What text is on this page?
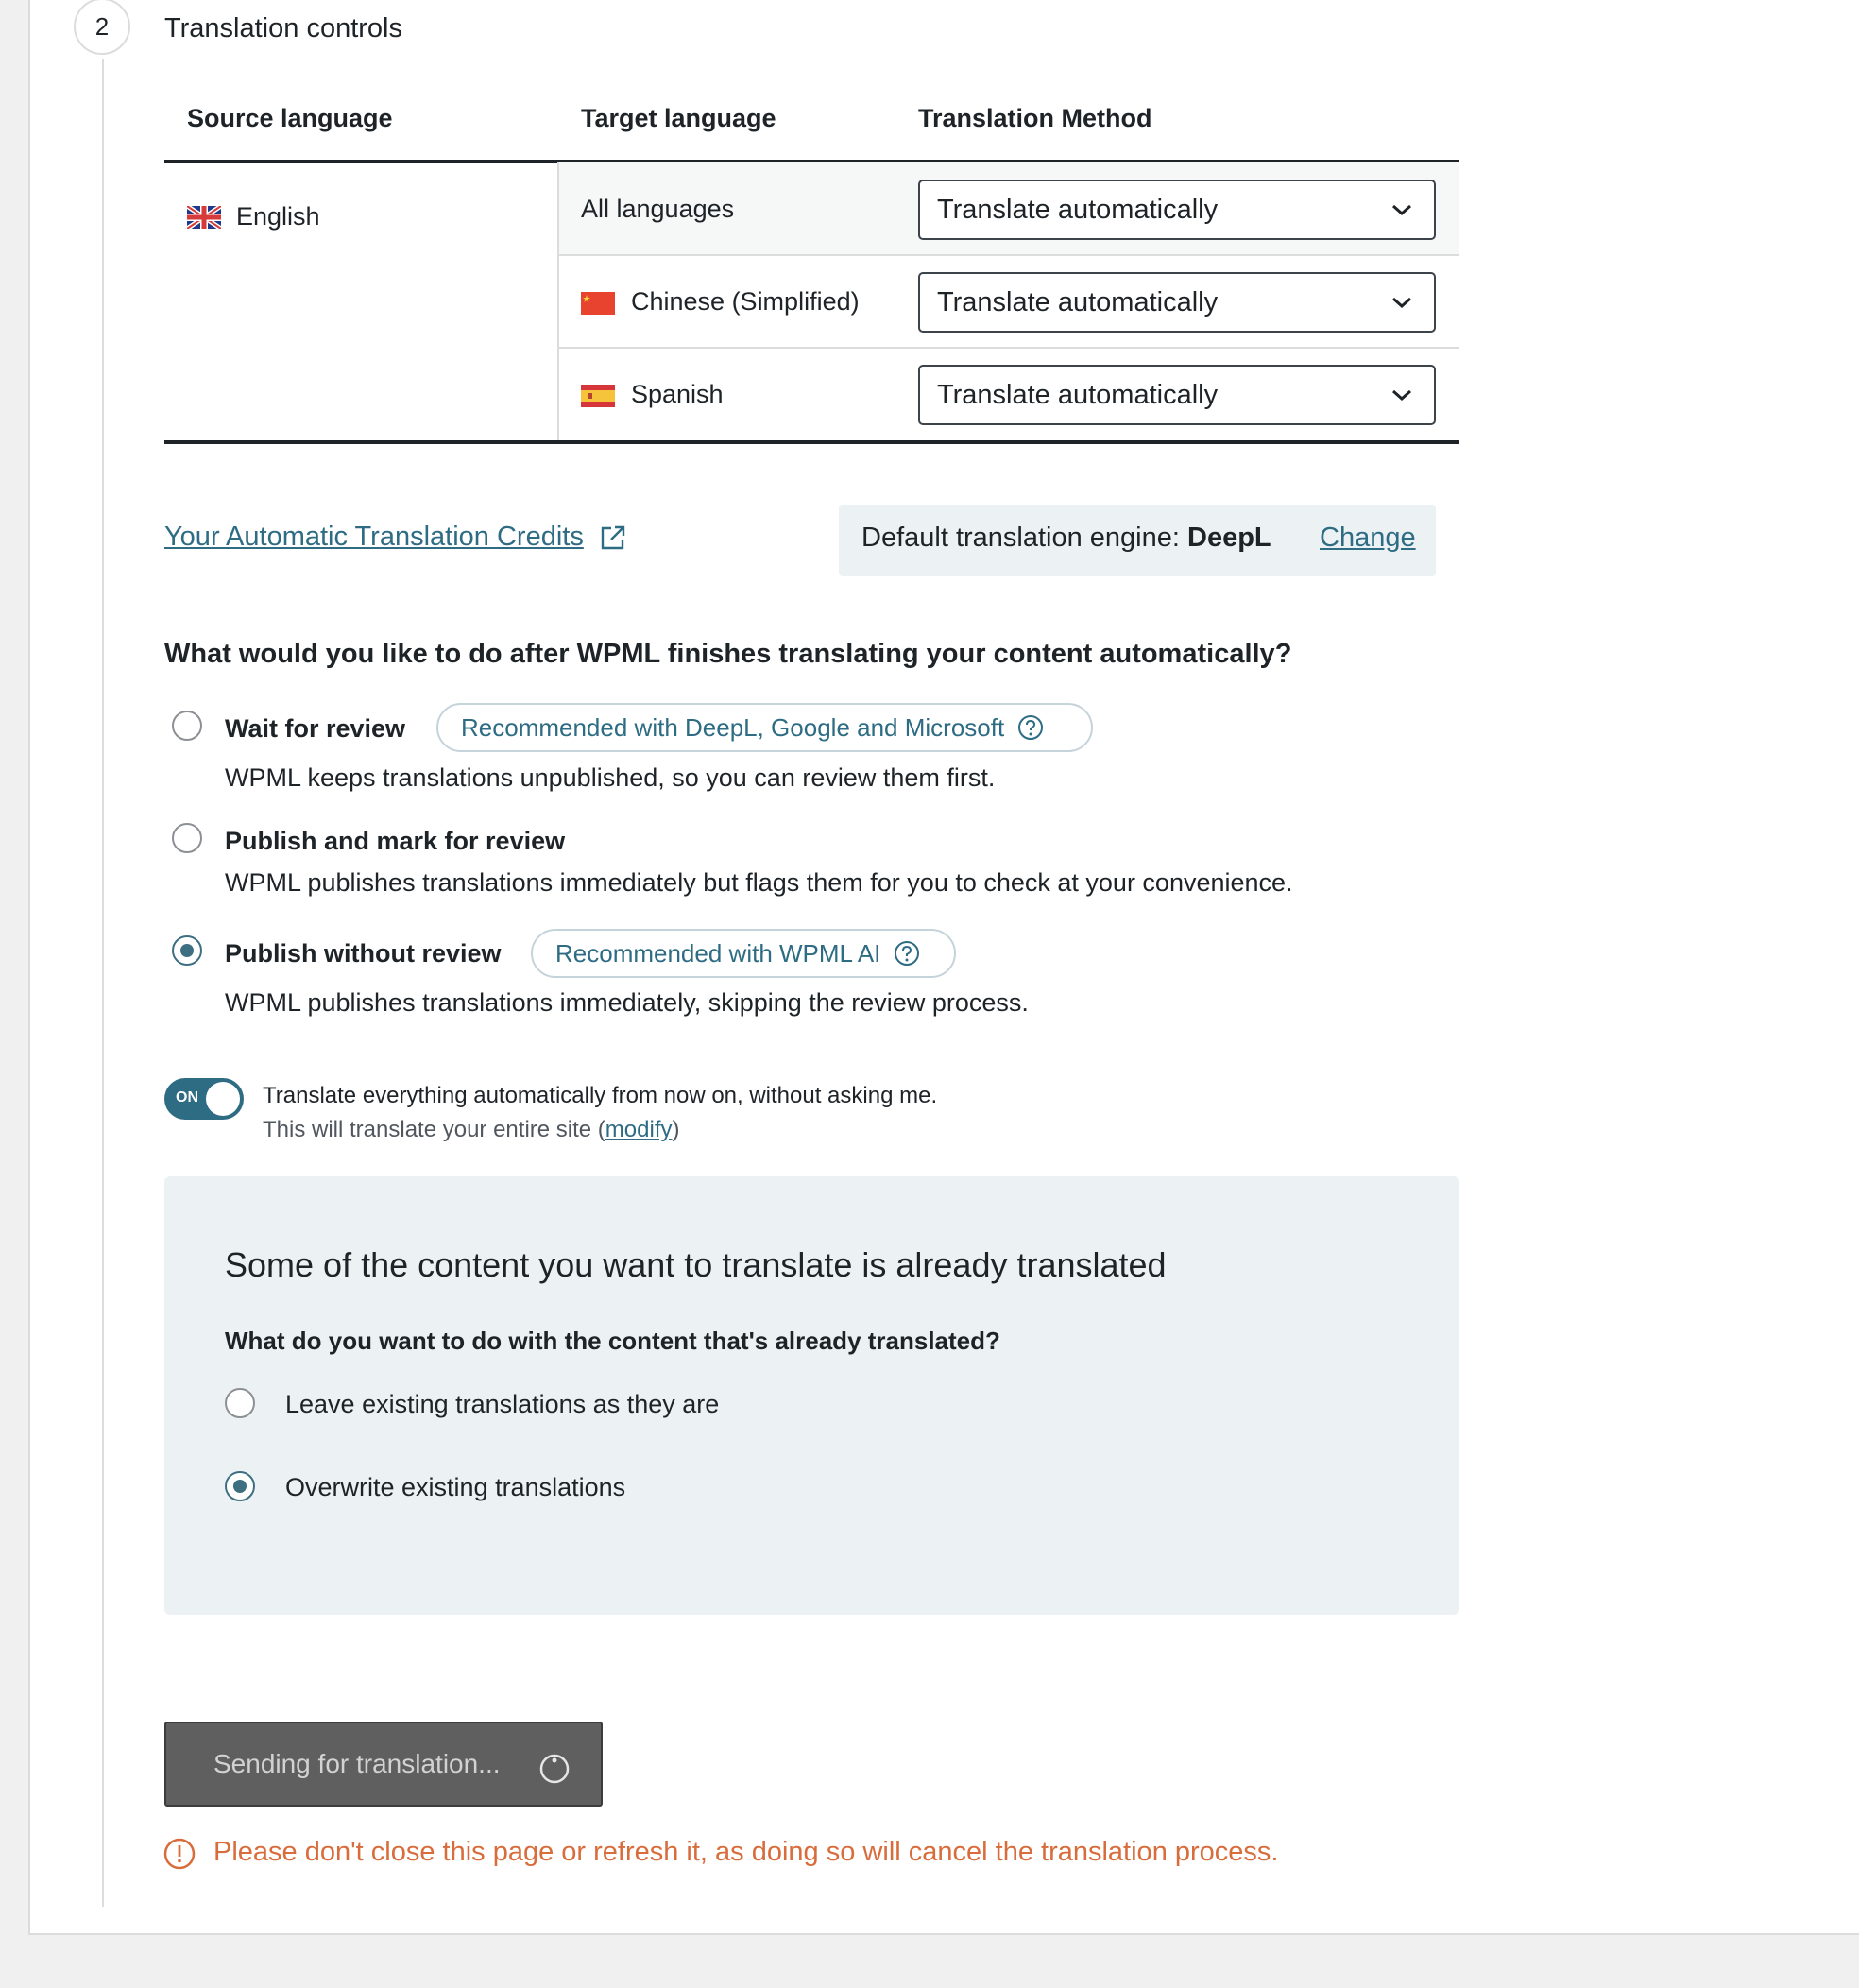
2 Translation controls
Source language	Target language	Translation Method
English	All languages	Translate automatically
Chinese (Simplified)	Translate automatically
Spanish	Translate automatically
Your Automatic Translation Credits	Default translation engine: DeepL Change
What would you like to do after WPML finishes translating your content automatically?
Wait for review Recommended with DeepL, Google and Microsoft
WPML keeps translations unpublished, so you can review them first.
Publish and mark for review
WPML publishes translations immediately but flags them for you to check at your convenience.
Publish without review Recommended with WPML AI
WPML publishes translations immediately, skipping the review process.
ON	Translate everything automatically from now on, without asking me.
This will translate your entire site (modify)
Some of the content you want to translate is already translated
What do you want to do with the content that's already translated?
Leave existing translations as they are
Overwrite existing translations
Sending for translation...
Please don't close this page or refresh it, as doing so will cancel the translation process.
